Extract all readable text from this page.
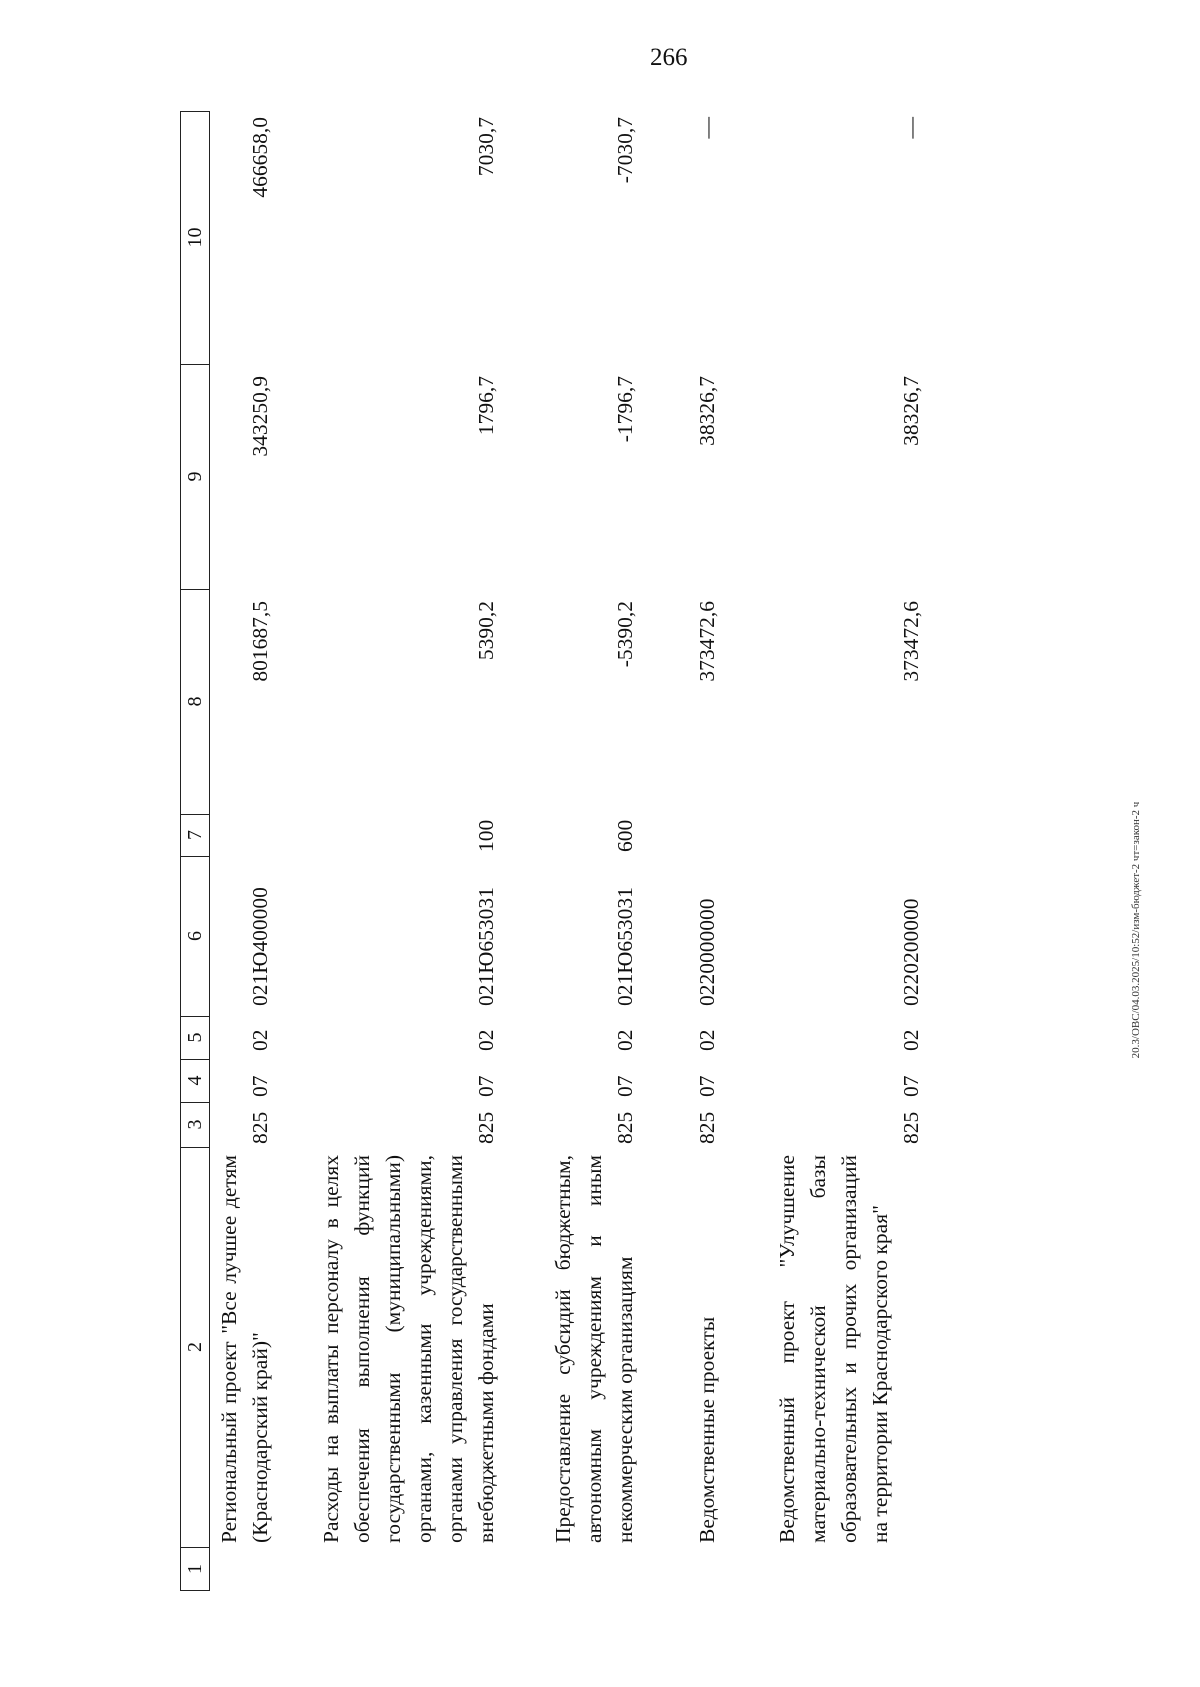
266
20.3/ОВС/04.03.2025/10:52/изм-бюджет-2 чт=закон-2 ч
1
2
3
4
5
6
7
8
9
10
Региональный проект "Все лучшее детям (Краснодарский край)"
825
07
02
021Ю400000
801687,5
343250,9
466658,0
Расходы на выплаты персоналу в целях обеспечения выполнения функций государственными (муниципальными) органами, казенными учреждениями, органами управления государственными внебюджетными фондами
825
07
02
021Ю653031
100
5390,2
1796,7
7030,7
Предоставление субсидий бюджетным, автономным учреждениям и иным некоммерческим организациям
825
07
02
021Ю653031
600
-5390,2
-1796,7
-7030,7
Ведомственные проекты
825
07
02
0220000000
373472,6
38326,7
—
Ведомственный проект "Улучшение материально-технической базы образовательных и прочих организаций на территории Краснодарского края"
825
07
02
0220200000
373472,6
38326,7
—
